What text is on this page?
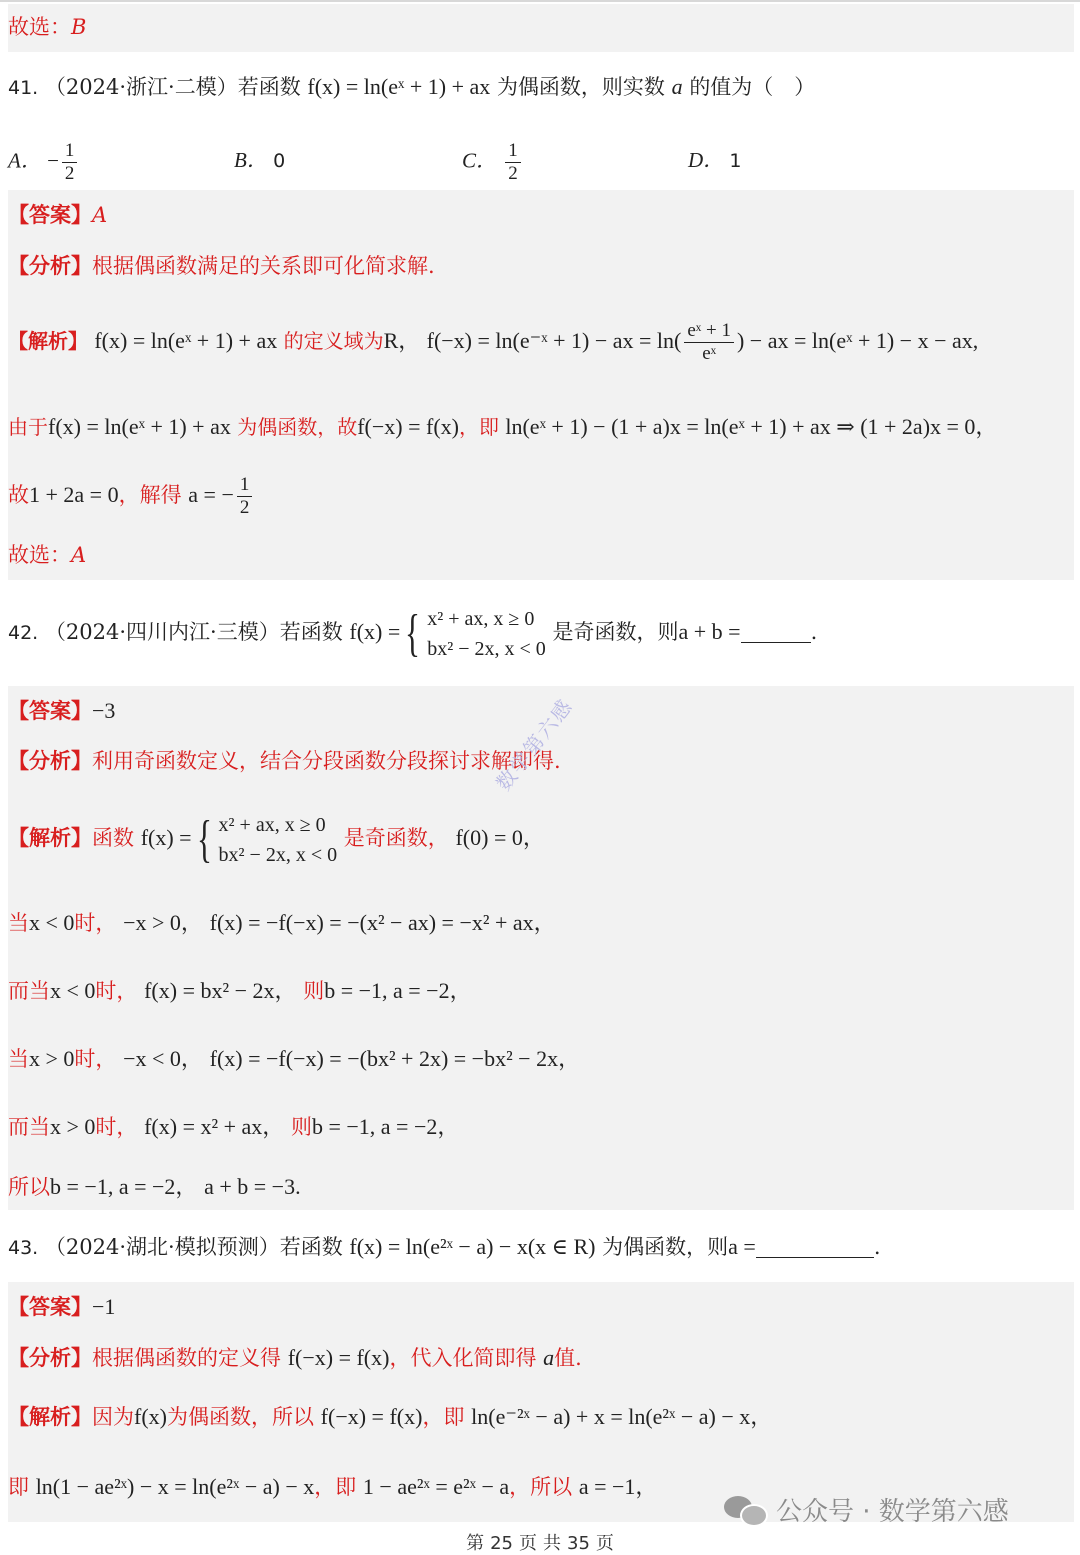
故选：B
41. （2024·浙江·二模）若函数 f(x) = ln(eˣ + 1) + ax 为偶函数，则实数 a 的值为（　）
A． − $\frac{1}{2}$	B． 0	C． $\frac{1}{2}$	D． 1
【答案】A
【分析】根据偶函数满足的关系即可化简求解.
【解析】 f(x) = ln(eˣ + 1) + ax 的定义域为R， f(−x) = ln(e⁻ˣ + 1) − ax = $\ln( \frac{\text{eˣ + 1}}{\text{eˣ}}$ ) − ax = ln(eˣ + 1) − x − ax,
由于f(x) = ln(eˣ + 1) + ax 为偶函数，故f(−x) = f(x)，即 ln(eˣ + 1) − (1 + a)x = ln(eˣ + 1) + ax ⇒ (1 + 2a)x = 0，
故1 + 2a = 0，解得 a = − $\frac{1}{2}$
故选：A
42. （2024·四川内江·三模）若函数 f(x) = { x² + ax, x ≥ 0
bx² − 2x, x < 0
是奇函数，则a + b =	.
【答案】−3
【分析】利用奇函数定义，结合分段函数分段探讨求解即得.
【解析】函数 f(x) = { x² + ax, x ≥ 0
bx² − 2x, x < 0
是奇函数， f(0) = 0，
当x < 0时， −x > 0， f(x) = −f(−x) = −(x² − ax) = −x² + ax，
而当x < 0时， f(x) = bx² − 2x， 则b = −1, a = −2，
当x > 0时， −x < 0， f(x) = −f(−x) = −(bx² + 2x) = −bx² − 2x，
而当x > 0时， f(x) = x² + ax， 则b = −1, a = −2，
所以b = −1, a = −2， a + b = −3.
43. （2024·湖北·模拟预测）若函数 f(x) = ln(e²ˣ − a) − x(x ∈ R) 为偶函数，则a =	.
【答案】−1
【分析】根据偶函数的定义得 f(−x) = f(x)，代入化简即得 a值.
【解析】因为f(x)为偶函数，所以 f(−x) = f(x)，即 ln(e⁻²ˣ − a) + x = ln(e²ˣ − a) − x，
即 ln(1 − ae²ˣ) − x = ln(e²ˣ − a) − x，即 1 − ae²ˣ = e²ˣ − a，所以 a = −1，
数学第六感
公众号 · 数学第六感
第 25 页 共 35 页
